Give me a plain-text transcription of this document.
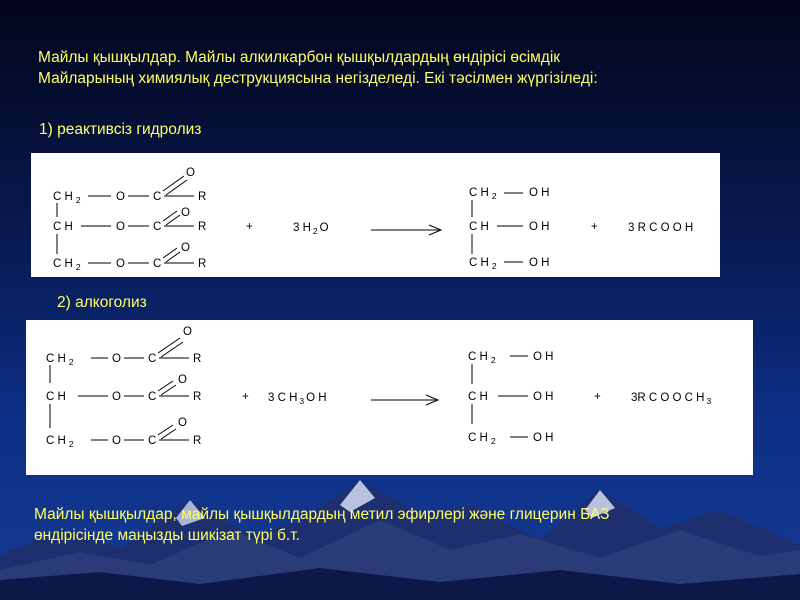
Майлы қышқылдар. Майлы алкилкарбон қышқылдардың өндірісі өсімдік
Майларының химиялық деструкциясына негізделеді. Екі тәсілмен жүргізіледі:
1) реактивсіз гидролиз
C H $_2$	O C
O
R
C H	O C
O
R
C H $_2$	O C
O
R
+	3 H $_2$ O
C H $_2$	O H
C H	O H
C H $_2$	O H
+	3 R C O O H
2) алкоголиз
C H $_2$	O C
O
R
C H	O C
O
R
C H $_2$	O C
O
R
+ 3 C H $_3$ O H
C H $_2$	O H
C H	O H
C H $_2$	O H
+	3R C O O C H $_3$
Майлы қышқылдар, майлы қышқылдардың метил эфирлері және глицерин БАЗ
өндірісінде маңызды шикізат түрі б.т.
